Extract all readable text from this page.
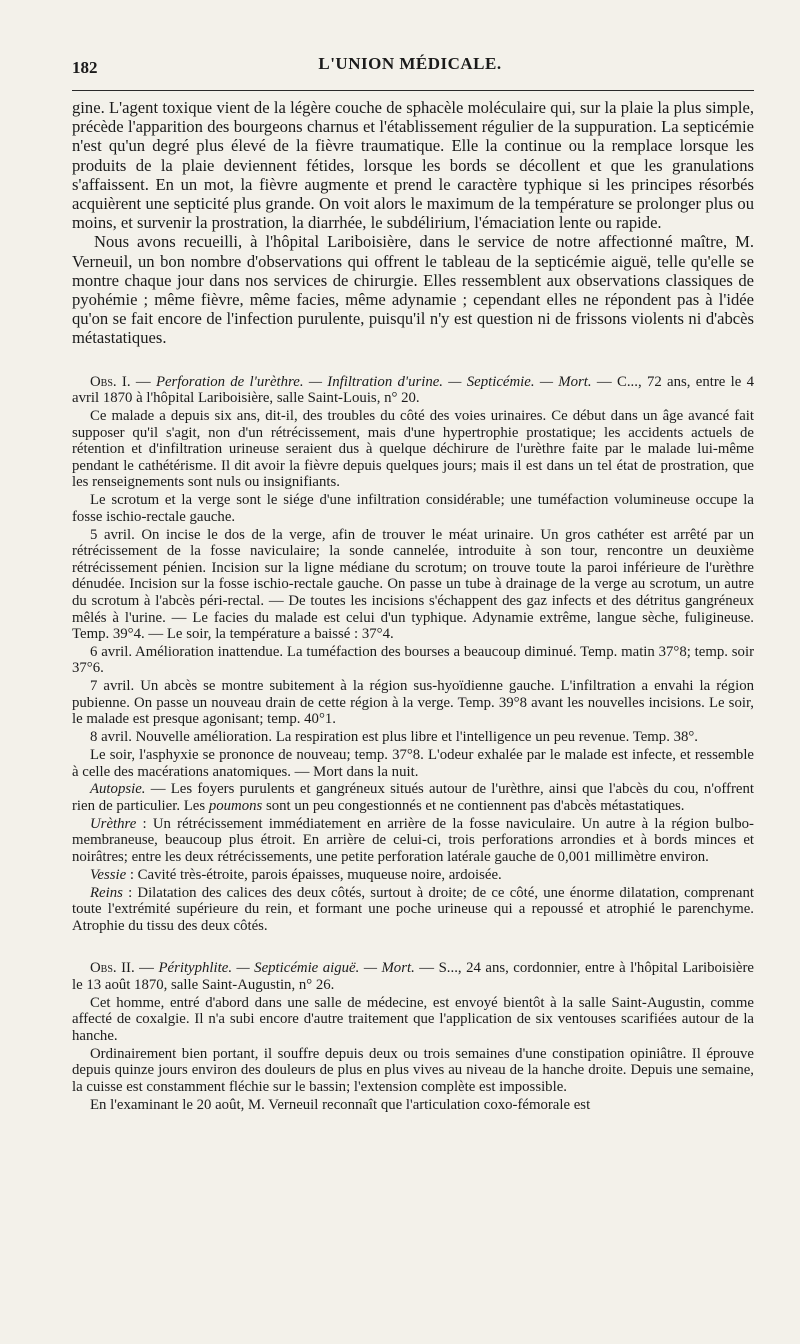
182	L'UNION MÉDICALE.

gine. L'agent toxique vient de la légère couche de sphacèle moléculaire qui, sur la plaie la plus simple, précède l'apparition des bourgeons charnus et l'établissement régulier de la suppuration. La septicémie n'est qu'un degré plus élevé de la fièvre traumatique. Elle la continue ou la remplace lorsque les produits de la plaie deviennent fétides, lorsque les bords se décollent et que les granulations s'affaissent. En un mot, la fièvre augmente et prend le caractère typhique si les principes résorbés acquièrent une septicité plus grande. On voit alors le maximum de la température se prolonger plus ou moins, et survenir la prostration, la diarrhée, le subdélirium, l'émaciation lente ou rapide.

Nous avons recueilli, à l'hôpital Lariboisière, dans le service de notre affectionné maître, M. Verneuil, un bon nombre d'observations qui offrent le tableau de la septicémie aiguë, telle qu'elle se montre chaque jour dans nos services de chirurgie. Elles ressemblent aux observations classiques de pyohémie ; même fièvre, même facies, même adynamie ; cependant elles ne répondent pas à l'idée qu'on se fait encore de l'infection purulente, puisqu'il n'y est question ni de frissons violents ni d'abcès métastatiques.

Obs. I. — Perforation de l'urèthre. — Infiltration d'urine. — Septicémie. — Mort. — C..., 72 ans, entre le 4 avril 1870 à l'hôpital Lariboisière, salle Saint-Louis, n° 20.

Ce malade a depuis six ans, dit-il, des troubles du côté des voies urinaires. Ce début dans un âge avancé fait supposer qu'il s'agit, non d'un rétrécissement, mais d'une hypertrophie prostatique; les accidents actuels de rétention et d'infiltration urineuse seraient dus à quelque déchirure de l'urèthre faite par le malade lui-même pendant le cathétérisme. Il dit avoir la fièvre depuis quelques jours; mais il est dans un tel état de prostration, que les renseignements sont nuls ou insignifiants.

Le scrotum et la verge sont le siége d'une infiltration considérable; une tuméfaction volumineuse occupe la fosse ischio-rectale gauche.

5 avril. On incise le dos de la verge, afin de trouver le méat urinaire. Un gros cathéter est arrêté par un rétrécissement de la fosse naviculaire; la sonde cannelée, introduite à son tour, rencontre un deuxième rétrécissement pénien. Incision sur la ligne médiane du scrotum; on trouve toute la paroi inférieure de l'urèthre dénudée. Incision sur la fosse ischio-rectale gauche. On passe un tube à drainage de la verge au scrotum, un autre du scrotum à l'abcès péri-rectal. — De toutes les incisions s'échappent des gaz infects et des détritus gangréneux mêlés à l'urine. — Le facies du malade est celui d'un typhique. Adynamie extrême, langue sèche, fuligineuse. Temp. 39°4. — Le soir, la température a baissé : 37°4.

6 avril. Amélioration inattendue. La tuméfaction des bourses a beaucoup diminué. Temp. matin 37°8; temp. soir 37°6.

7 avril. Un abcès se montre subitement à la région sus-hyoïdienne gauche. L'infiltration a envahi la région pubienne. On passe un nouveau drain de cette région à la verge. Temp. 39°8 avant les nouvelles incisions. Le soir, le malade est presque agonisant; temp. 40°1.

8 avril. Nouvelle amélioration. La respiration est plus libre et l'intelligence un peu revenue. Temp. 38°.

Le soir, l'asphyxie se prononce de nouveau; temp. 37°8. L'odeur exhalée par le malade est infecte, et ressemble à celle des macérations anatomiques. — Mort dans la nuit.

Autopsie. — Les foyers purulents et gangréneux situés autour de l'urèthre, ainsi que l'abcès du cou, n'offrent rien de particulier. Les poumons sont un peu congestionnés et ne contiennent pas d'abcès métastatiques.

Urèthre : Un rétrécissement immédiatement en arrière de la fosse naviculaire. Un autre à la région bulbo-membraneuse, beaucoup plus étroit. En arrière de celui-ci, trois perforations arrondies et à bords minces et noirâtres; entre les deux rétrécissements, une petite perforation latérale gauche de 0,001 millimètre environ.

Vessie : Cavité très-étroite, parois épaisses, muqueuse noire, ardoisée.

Reins : Dilatation des calices des deux côtés, surtout à droite; de ce côté, une énorme dilatation, comprenant toute l'extrémité supérieure du rein, et formant une poche urineuse qui a repoussé et atrophié le parenchyme. Atrophie du tissu des deux côtés.

Obs. II. — Pérityphlite. — Septicémie aiguë. — Mort. — S..., 24 ans, cordonnier, entre à l'hôpital Lariboisière le 13 août 1870, salle Saint-Augustin, n° 26.

Cet homme, entré d'abord dans une salle de médecine, est envoyé bientôt à la salle Saint-Augustin, comme affecté de coxalgie. Il n'a subi encore d'autre traitement que l'application de six ventouses scarifiées autour de la hanche.

Ordinairement bien portant, il souffre depuis deux ou trois semaines d'une constipation opiniâtre. Il éprouve depuis quinze jours environ des douleurs de plus en plus vives au niveau de la hanche droite. Depuis une semaine, la cuisse est constamment fléchie sur le bassin; l'extension complète est impossible.

En l'examinant le 20 août, M. Verneuil reconnaît que l'articulation coxo-fémorale est
